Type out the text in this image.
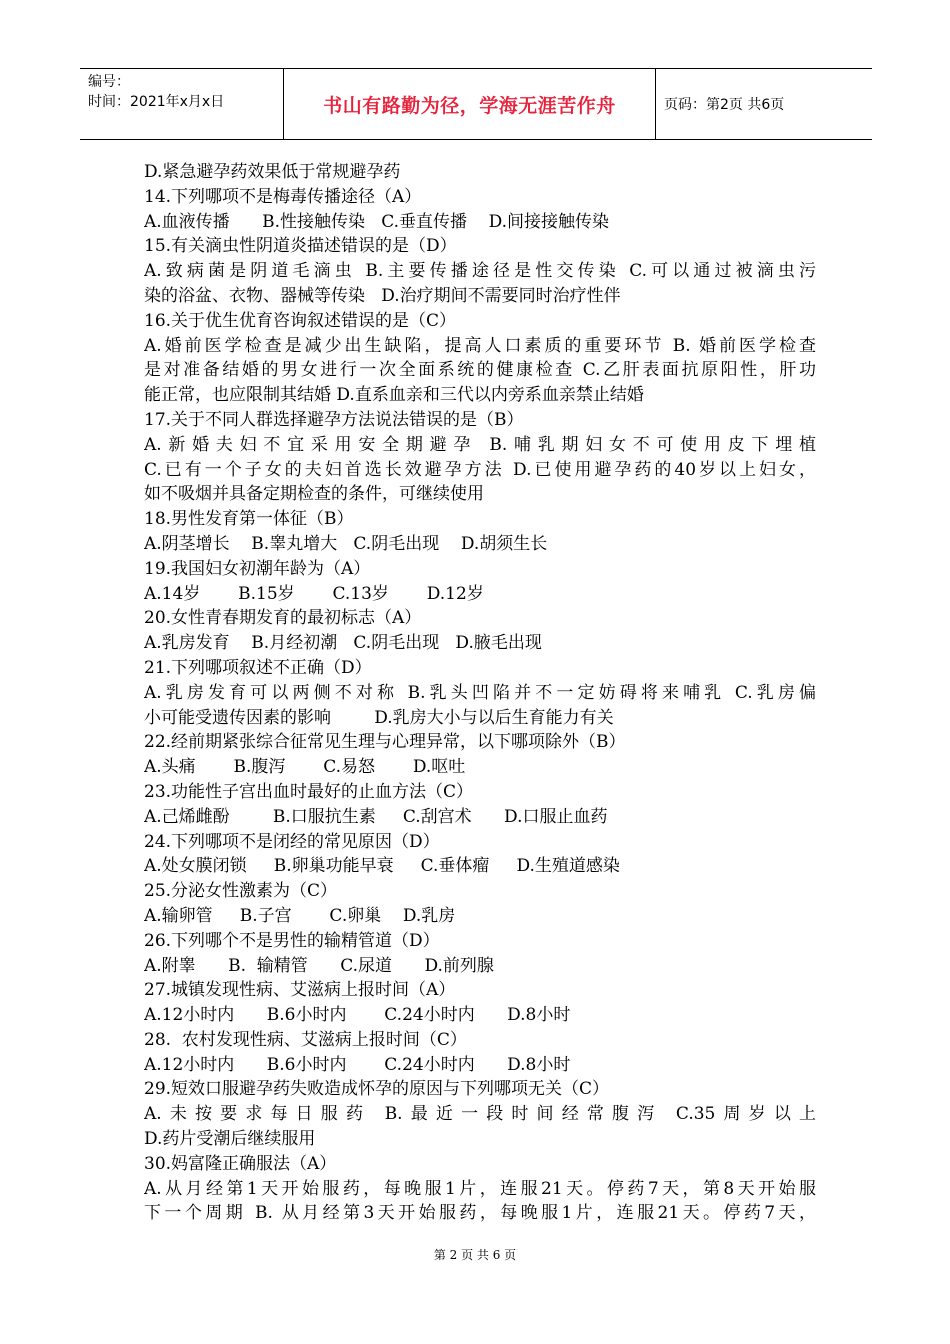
编号：
时间：2021年x月x日	书山有路勤为径，学海无涯苦作舟	页码：第2页 共6页
D.紧急避孕药效果低于常规避孕药
14.下列哪项不是梅毒传播途径（A）
A.血液传播      B.性接触传染   C.垂直传播    D.间接接触传染
15.有关滴虫性阴道炎描述错误的是（D）
A.致病菌是阴道毛滴虫 B.主要传播途径是性交传染 C.可以通过被滴虫污
染的浴盆、衣物、器械等传染   D.治疗期间不需要同时治疗性伴
16.关于优生优育咨询叙述错误的是（C）
A.婚前医学检查是减少出生缺陷，提高人口素质的重要环节 B. 婚前医学检查
是对准备结婚的男女进行一次全面系统的健康检查 C.乙肝表面抗原阳性，肝功
能正常，也应限制其结婚 D.直系血亲和三代以内旁系血亲禁止结婚
17.关于不同人群选择避孕方法说法错误的是（B）
A.新婚夫妇不宜采用安全期避孕 B.哺乳期妇女不可使用皮下埋植
C.已有一个子女的夫妇首选长效避孕方法 D.已使用避孕药的40岁以上妇女，
如不吸烟并具备定期检查的条件，可继续使用
18.男性发育第一体征（B）
A.阴茎增长    B.睾丸增大   C.阴毛出现    D.胡须生长
19.我国妇女初潮年龄为（A）
A.14岁       B.15岁       C.13岁       D.12岁
20.女性青春期发育的最初标志（A）
A.乳房发育    B.月经初潮   C.阴毛出现   D.腋毛出现
21.下列哪项叙述不正确（D）
A.乳房发育可以两侧不对称 B.乳头凹陷并不一定妨碍将来哺乳 C.乳房偏
小可能受遗传因素的影响        D.乳房大小与以后生育能力有关
22.经前期紧张综合征常见生理与心理异常，以下哪项除外（B）
A.头痛       B.腹泻       C.易怒       D.呕吐
23.功能性子宫出血时最好的止血方法（C）
A.己烯雌酚        B.口服抗生素     C.刮宫术      D.口服止血药
24.下列哪项不是闭经的常见原因（D）
A.处女膜闭锁     B.卵巢功能早衰     C.垂体瘤     D.生殖道感染
25.分泌女性激素为（C）
A.输卵管     B.子宫       C.卵巢    D.乳房
26.下列哪个不是男性的输精管道（D）
A.附睾      B.  输精管      C.尿道      D.前列腺
27.城镇发现性病、艾滋病上报时间（A）
A.12小时内      B.6小时内       C.24小时内      D.8小时
28.  农村发现性病、艾滋病上报时间（C）
A.12小时内      B.6小时内       C.24小时内      D.8小时
29.短效口服避孕药失败造成怀孕的原因与下列哪项无关（C）
A.未按要求每日服药 B.最近一段时间经常腹泻 C.35周岁以上
D.药片受潮后继续服用
30.妈富隆正确服法（A）
A.从月经第1天开始服药，每晚服1片，连服21天。停药7天，第8天开始服
下一个周期 B. 从月经第3天开始服药，每晚服1片，连服21天。停药7天，
第 2 页 共 6 页
